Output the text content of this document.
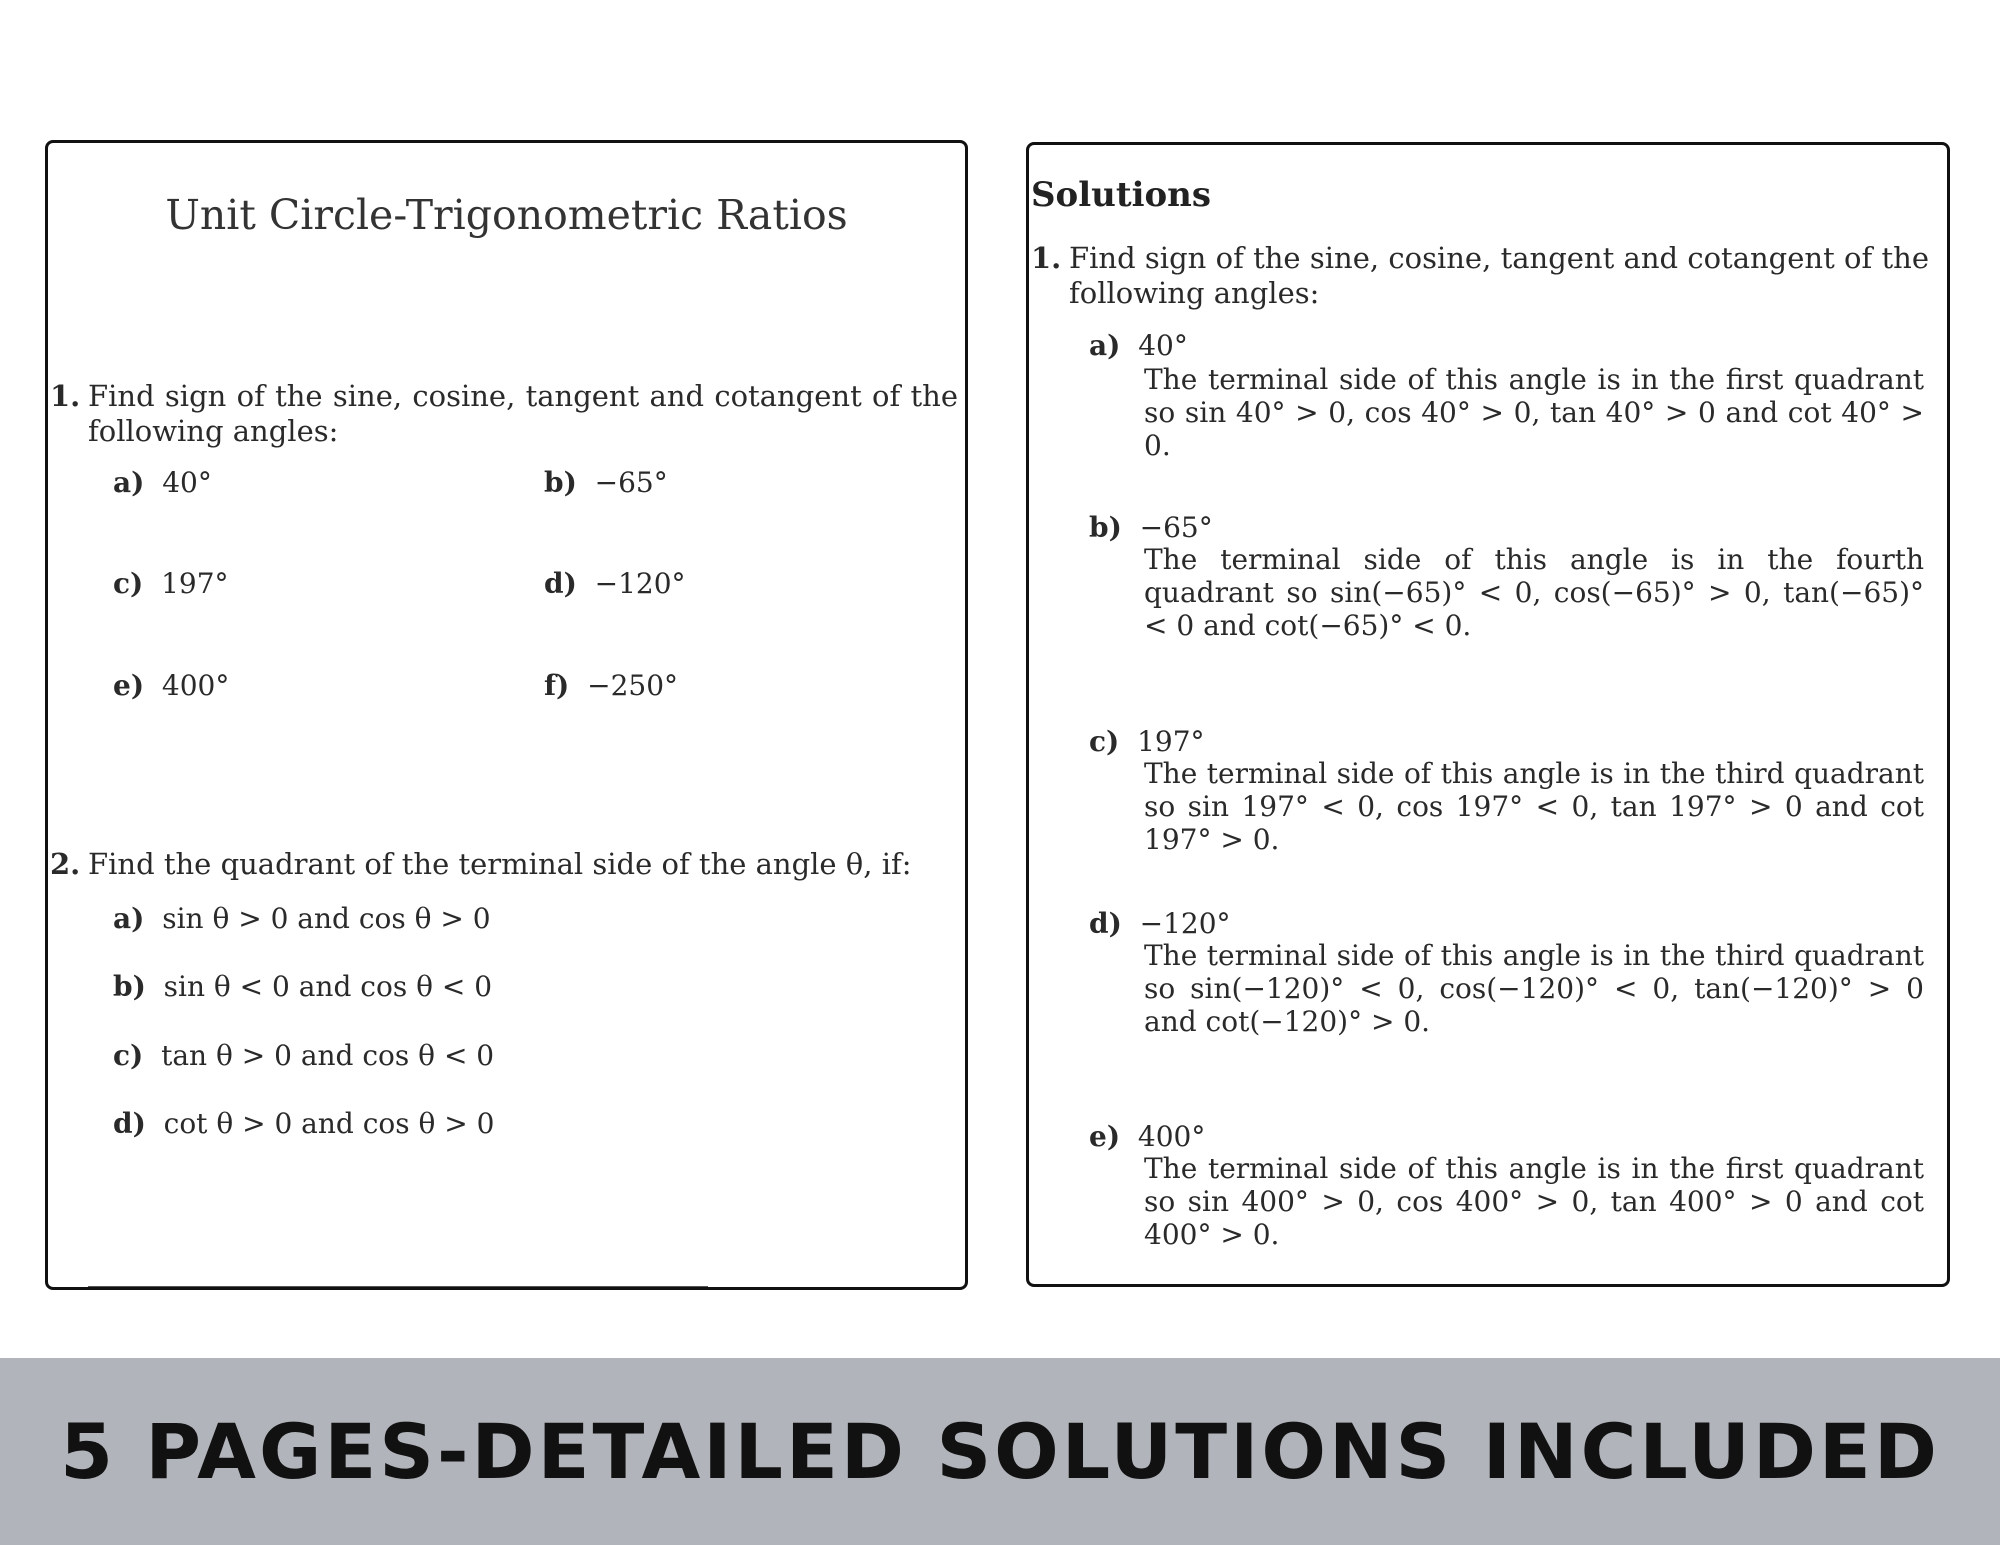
Unit Circle-Trigonometric Ratios
1. Find sign of the sine, cosine, tangent and cotangent of the following angles:
a) 40°	b) −65°
c) 197°	d) −120°
e) 400°	f) −250°
2. Find the quadrant of the terminal side of the angle θ, if:
a) sin θ > 0 and cos θ > 0
b) sin θ < 0 and cos θ < 0
c) tan θ > 0 and cos θ < 0
d) cot θ > 0 and cos θ > 0
Solutions
1. Find sign of the sine, cosine, tangent and cotangent of the following angles:
a) 40°
The terminal side of this angle is in the first quadrant so sin 40° > 0, cos 40° > 0, tan 40° > 0 and cot 40° > 0.
b) −65°
The terminal side of this angle is in the fourth quadrant so sin(−65)° < 0, cos(−65)° > 0, tan(−65)° < 0 and cot(−65)° < 0.
c) 197°
The terminal side of this angle is in the third quadrant so sin 197° < 0, cos 197° < 0, tan 197° > 0 and cot 197° > 0.
d) −120°
The terminal side of this angle is in the third quadrant so sin(−120)° < 0, cos(−120)° < 0, tan(−120)° > 0 and cot(−120)° > 0.
e) 400°
The terminal side of this angle is in the first quadrant so sin 400° > 0, cos 400° > 0, tan 400° > 0 and cot 400° > 0.
5 PAGES-DETAILED SOLUTIONS INCLUDED
